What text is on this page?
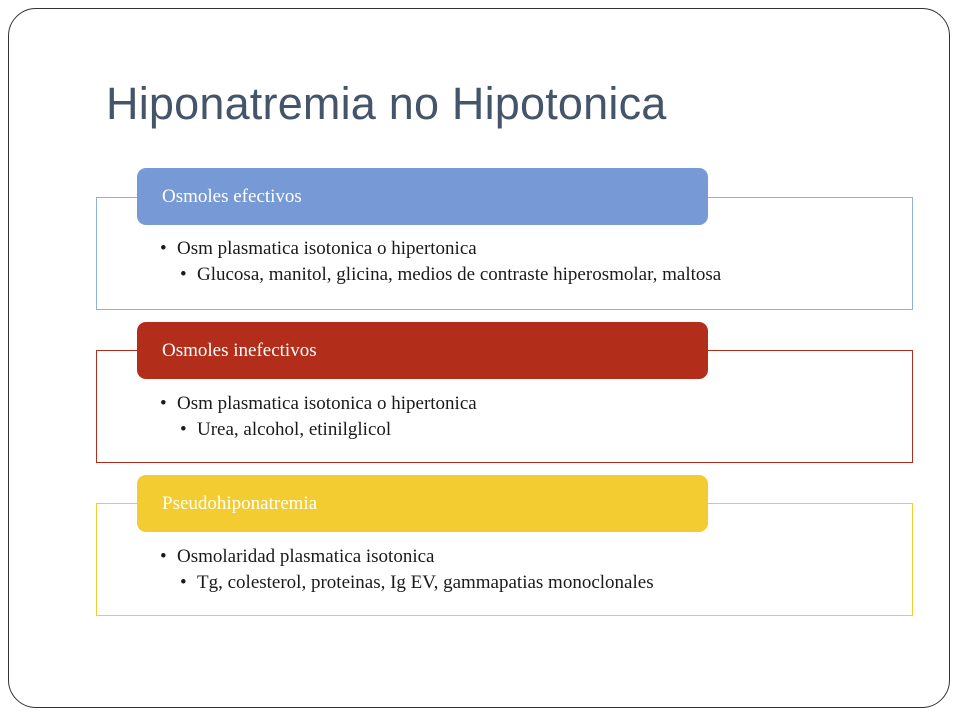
Hiponatremia no Hipotonica
Osmoles efectivos
• Osm plasmatica isotonica o hipertonica
• Glucosa, manitol, glicina, medios de contraste hiperosmolar, maltosa
Osmoles inefectivos
• Osm plasmatica isotonica o hipertonica
• Urea, alcohol, etinilglicol
Pseudohiponatremia
• Osmolaridad plasmatica isotonica
• Tg, colesterol, proteinas, Ig EV, gammapatias monoclonales
